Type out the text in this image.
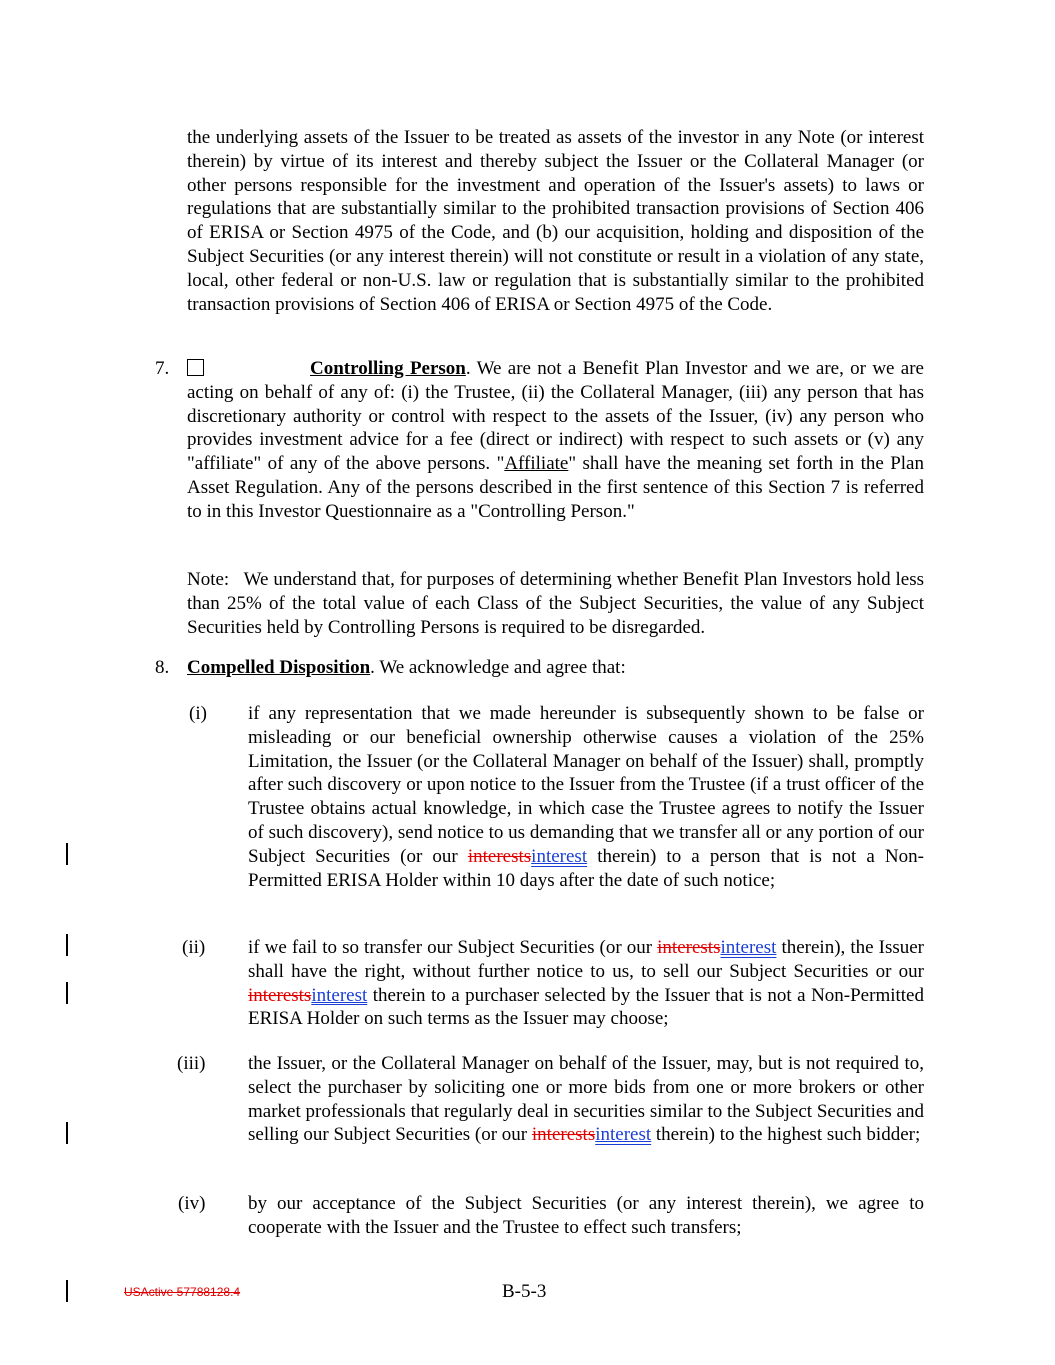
the underlying assets of the Issuer to be treated as assets of the investor in any Note (or interest therein) by virtue of its interest and thereby subject the Issuer or the Collateral Manager (or other persons responsible for the investment and operation of the Issuer's assets) to laws or regulations that are substantially similar to the prohibited transaction provisions of Section 406 of ERISA or Section 4975 of the Code, and (b) our acquisition, holding and disposition of the Subject Securities (or any interest therein) will not constitute or result in a violation of any state, local, other federal or non-U.S. law or regulation that is substantially similar to the prohibited transaction provisions of Section 406 of ERISA or Section 4975 of the Code.

7.	Controlling Person. We are not a Benefit Plan Investor and we are, or we are acting on behalf of any of: (i) the Trustee, (ii) the Collateral Manager, (iii) any person that has discretionary authority or control with respect to the assets of the Issuer, (iv) any person who provides investment advice for a fee (direct or indirect) with respect to such assets or (v) any "affiliate" of any of the above persons. "Affiliate" shall have the meaning set forth in the Plan Asset Regulation. Any of the persons described in the first sentence of this Section 7 is referred to in this Investor Questionnaire as a "Controlling Person."

Note:   We understand that, for purposes of determining whether Benefit Plan Investors hold less than 25% of the total value of each Class of the Subject Securities, the value of any Subject Securities held by Controlling Persons is required to be disregarded.

8. Compelled Disposition. We acknowledge and agree that:

(i) if any representation that we made hereunder is subsequently shown to be false or misleading or our beneficial ownership otherwise causes a violation of the 25% Limitation, the Issuer (or the Collateral Manager on behalf of the Issuer) shall, promptly after such discovery or upon notice to the Issuer from the Trustee (if a trust officer of the Trustee obtains actual knowledge, in which case the Trustee agrees to notify the Issuer of such discovery), send notice to us demanding that we transfer all or any portion of our Subject Securities (or our interestsinterest therein) to a person that is not a Non-Permitted ERISA Holder within 10 days after the date of such notice;

(ii) if we fail to so transfer our Subject Securities (or our interestsinterest therein), the Issuer shall have the right, without further notice to us, to sell our Subject Securities or our interestsinterest therein to a purchaser selected by the Issuer that is not a Non-Permitted ERISA Holder on such terms as the Issuer may choose;

(iii) the Issuer, or the Collateral Manager on behalf of the Issuer, may, but is not required to, select the purchaser by soliciting one or more bids from one or more brokers or other market professionals that regularly deal in securities similar to the Subject Securities and selling our Subject Securities (or our interestsinterest therein) to the highest such bidder;

(iv) by our acceptance of the Subject Securities (or any interest therein), we agree to cooperate with the Issuer and the Trustee to effect such transfers;

USActive 57788128.4	B-5-3
